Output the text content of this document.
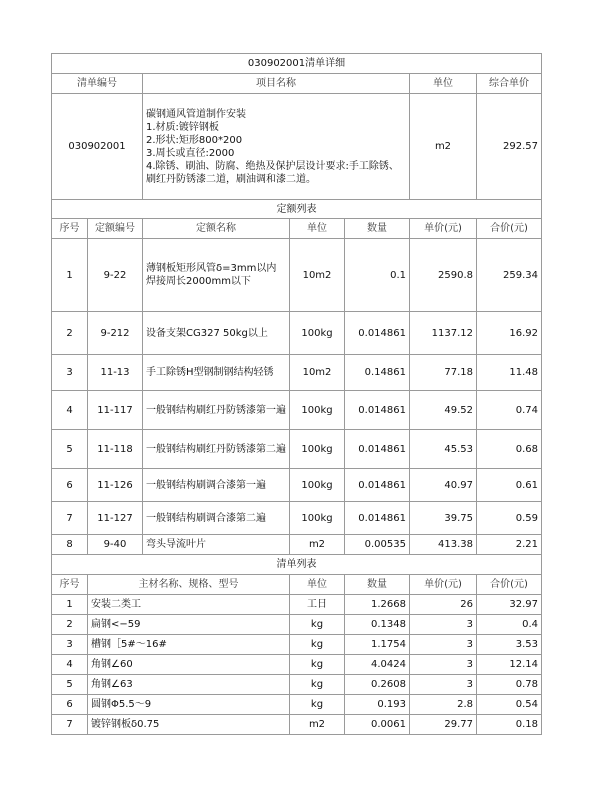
030902001清单详细						
清单编号		项目名称			单位	综合单价
030902001		碳钢通风管道制作安装
1.材质:镀锌钢板
2.形状:矩形800*200
3.周长或直径:2000
4.除锈、刷油、防腐、绝热及保护层设计要求:手工除锈、刷红丹防锈漆二道，刷油调和漆二道。			m2	292.57
定额列表						
序号	定额编号	定额名称	单位	数量	单价(元)	合价(元)
1	9-22	薄钢板矩形风管δ=3mm以内焊接周长2000mm以下	10m2	0.1	2590.8	259.34
2	9-212	设备支架CG327 50kg以上	100kg	0.014861	1137.12	16.92
3	11-13	手工除锈H型钢制钢结构轻锈	10m2	0.14861	77.18	11.48
4	11-117	一般钢结构刷红丹防锈漆第一遍	100kg	0.014861	49.52	0.74
5	11-118	一般钢结构刷红丹防锈漆第二遍	100kg	0.014861	45.53	0.68
6	11-126	一般钢结构刷调合漆第一遍	100kg	0.014861	40.97	0.61
7	11-127	一般钢结构刷调合漆第二遍	100kg	0.014861	39.75	0.59
8	9-40	弯头导流叶片	m2	0.00535	413.38	2.21
清单列表						
序号	主材名称、规格、型号	单位	数量	单价(元)	合价(元)
1	安装二类工	工日	1.2668	26	32.97
2	扁钢<−59	kg	0.1348	3	0.4
3	槽钢［5#～16#	kg	1.1754	3	3.53
4	角钢∠60	kg	4.0424	3	12.14
5	角钢∠63	kg	0.2608	3	0.78
6	圆钢Φ5.5～9	kg	0.193	2.8	0.54
7	镀锌钢板δ0.75	m2	0.0061	29.77	0.18
